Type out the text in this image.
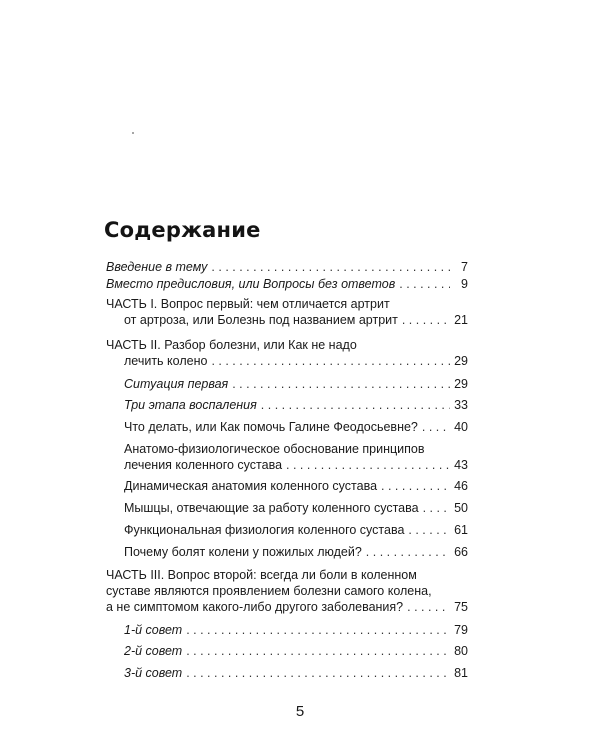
Содержание
Введение в тему . . .	7
Вместо предисловия, или Вопросы без ответов . . .	9
ЧАСТЬ I. Вопрос первый: чем отличается артрит
от артроза, или Болезнь под названием артрит . . .	21
ЧАСТЬ II. Разбор болезни, или Как не надо
лечить колено . . .	29
Ситуация первая . . .	29
Три этапа воспаления . . .	33
Что делать, или Как помочь Галине Феодосьевне? . . .	40
Анатомо-физиологическое обоснование принципов
лечения коленного сустава . . .	43
Динамическая анатомия коленного сустава . . .	46
Мышцы, отвечающие за работу коленного сустава . . .	50
Функциональная физиология коленного сустава . . .	61
Почему болят колени у пожилых людей? . . .	66
ЧАСТЬ III. Вопрос второй: всегда ли боли в коленном
суставе являются проявлением болезни самого колена,
а не симптомом какого-либо другого заболевания? . . .	75
1-й совет . . .	79
2-й совет . . .	80
3-й совет . . .	81
5
